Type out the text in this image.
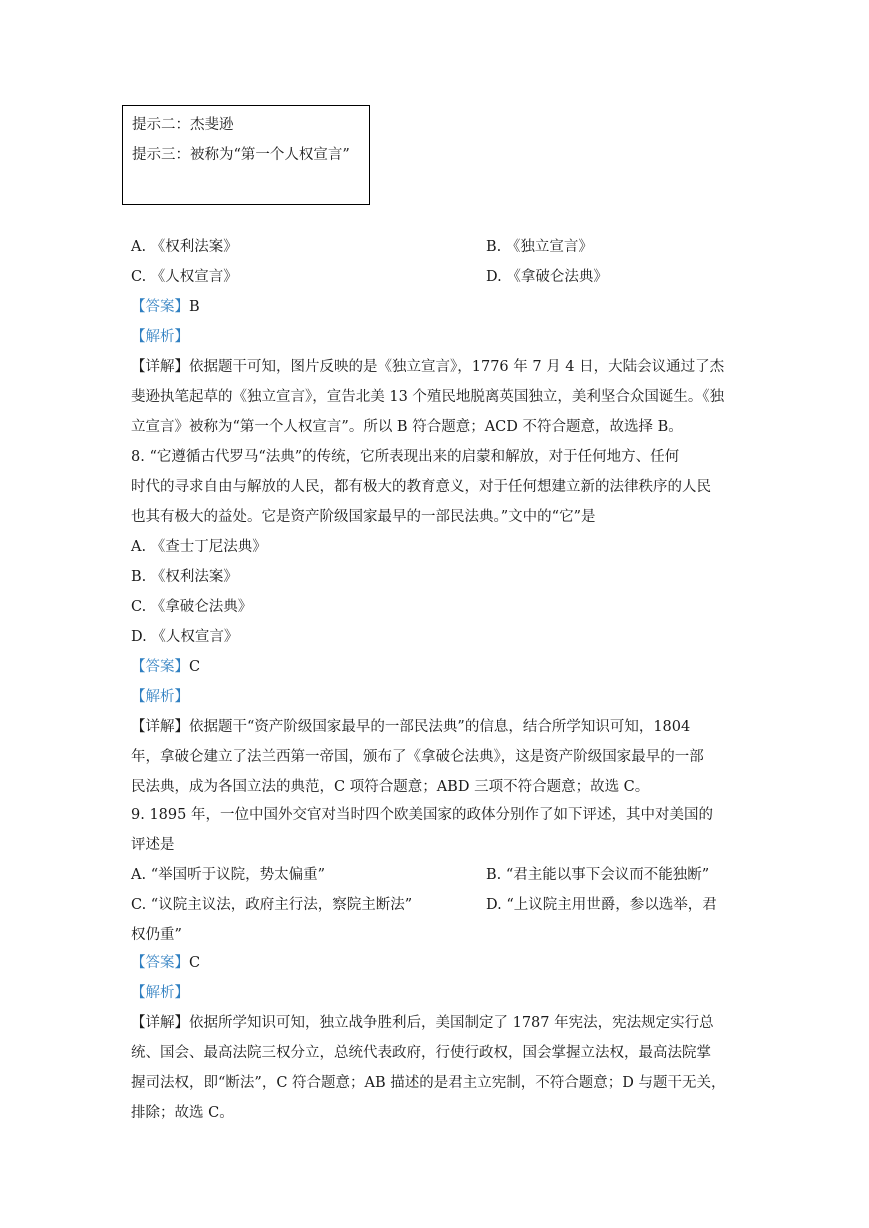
提示二：杰斐逊
提示三：被称为“第一个人权宣言”
A. 《权利法案》	B. 《独立宣言》
C. 《人权宣言》	D. 《拿破仑法典》
【答案】B
【解析】
【详解】依据题干可知，图片反映的是《独立宣言》，1776 年 7 月 4 日，大陆会议通过了杰
斐逊执笔起草的《独立宣言》，宣告北美 13 个殖民地脱离英国独立，美利坚合众国诞生。《独
立宣言》被称为“第一个人权宣言”。所以 B 符合题意；ACD 不符合题意，故选择 B。
8. “它遵循古代罗马“法典”的传统，它所表现出来的启蒙和解放，对于任何地方、任何
时代的寻求自由与解放的人民，都有极大的教育意义，对于任何想建立新的法律秩序的人民
也其有极大的益处。它是资产阶级国家最早的一部民法典。”文中的“它”是
A. 《查士丁尼法典》
B. 《权利法案》
C. 《拿破仑法典》
D. 《人权宣言》
【答案】C
【解析】
【详解】依据题干“资产阶级国家最早的一部民法典”的信息，结合所学知识可知，1804
年，拿破仑建立了法兰西第一帝国，颁布了《拿破仑法典》，这是资产阶级国家最早的一部
民法典，成为各国立法的典范，C 项符合题意；ABD 三项不符合题意；故选 C。
9. 1895 年，一位中国外交官对当时四个欧美国家的政体分别作了如下评述，其中对美国的
评述是
A. “举国听于议院，势太偏重”	B. “君主能以事下会议而不能独断”
C. “议院主议法，政府主行法，察院主断法”	D. “上议院主用世爵，参以选举，君
权仍重”
【答案】C
【解析】
【详解】依据所学知识可知，独立战争胜利后，美国制定了 1787 年宪法，宪法规定实行总
统、国会、最高法院三权分立，总统代表政府，行使行政权，国会掌握立法权，最高法院掌
握司法权，即“断法”，C 符合题意；AB 描述的是君主立宪制，不符合题意；D 与题干无关，
排除；故选 C。
